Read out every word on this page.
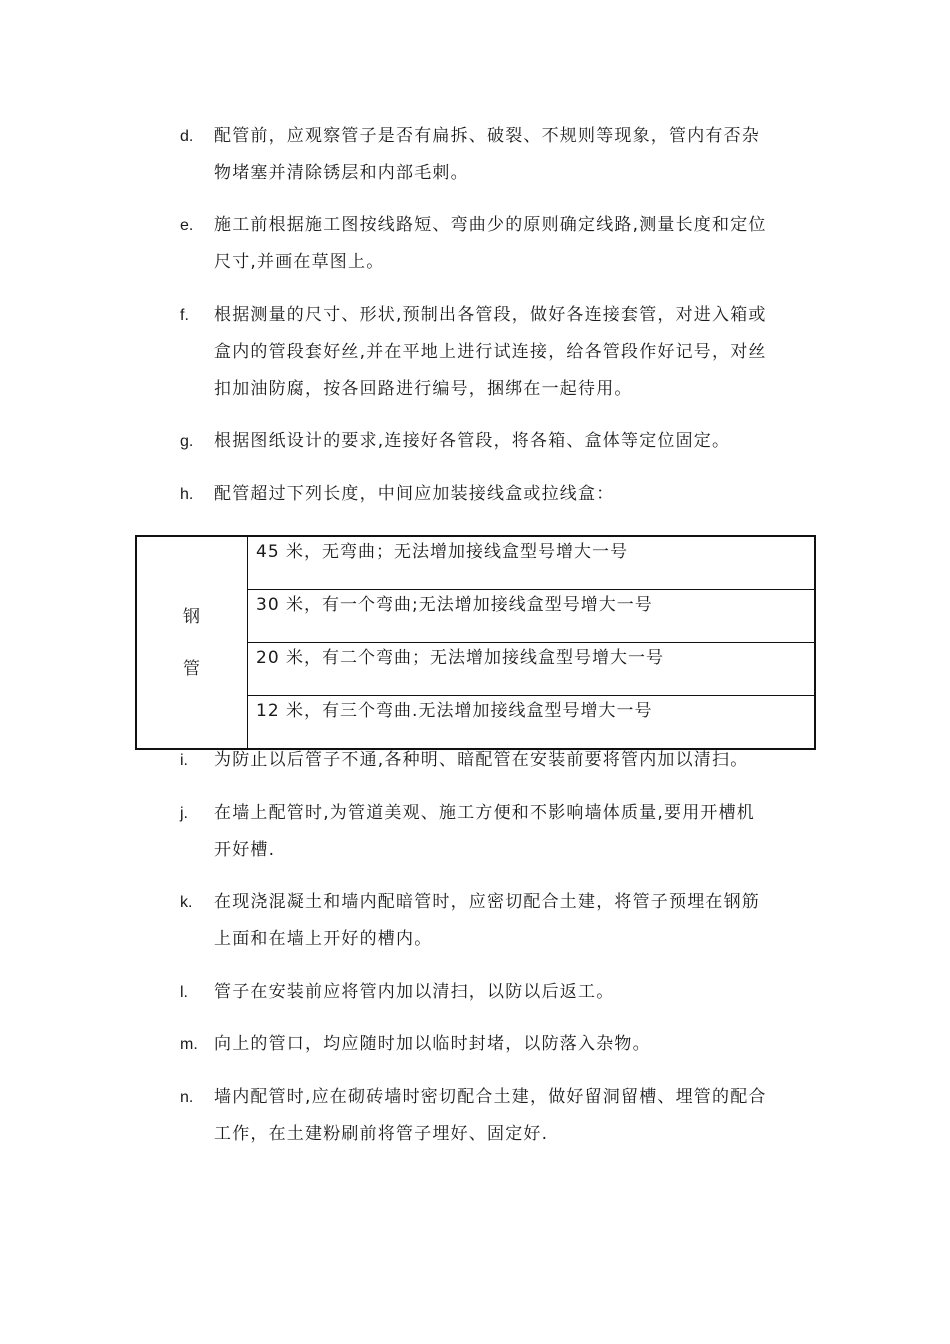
d.	配管前，应观察管子是否有扁拆、破裂、不规则等现象，管内有否杂
物堵塞并清除锈层和内部毛刺。
e.	施工前根据施工图按线路短、弯曲少的原则确定线路,测量长度和定位
尺寸,并画在草图上。
f.	根据测量的尺寸、形状,预制出各管段，做好各连接套管，对进入箱或
盒内的管段套好丝,并在平地上进行试连接，给各管段作好记号，对丝
扣加油防腐，按各回路进行编号，捆绑在一起待用。
g.	根据图纸设计的要求,连接好各管段，将各箱、盒体等定位固定。
h.	配管超过下列长度，中间应加装接线盒或拉线盒：
钢
管
	45 米，无弯曲；无法增加接线盒型号增大一号
30 米，有一个弯曲;无法增加接线盒型号增大一号
20 米，有二个弯曲；无法增加接线盒型号增大一号
12 米，有三个弯曲.无法增加接线盒型号增大一号
i.	为防止以后管子不通,各种明、暗配管在安装前要将管内加以清扫。
j.	在墙上配管时,为管道美观、施工方便和不影响墙体质量,要用开槽机
开好槽.
k.	在现浇混凝土和墙内配暗管时，应密切配合土建，将管子预埋在钢筋
上面和在墙上开好的槽内。
l.	管子在安装前应将管内加以清扫，以防以后返工。
m. 向上的管口，均应随时加以临时封堵，以防落入杂物。
n.	墙内配管时,应在砌砖墙时密切配合土建，做好留洞留槽、埋管的配合
工作，在土建粉刷前将管子埋好、固定好.
